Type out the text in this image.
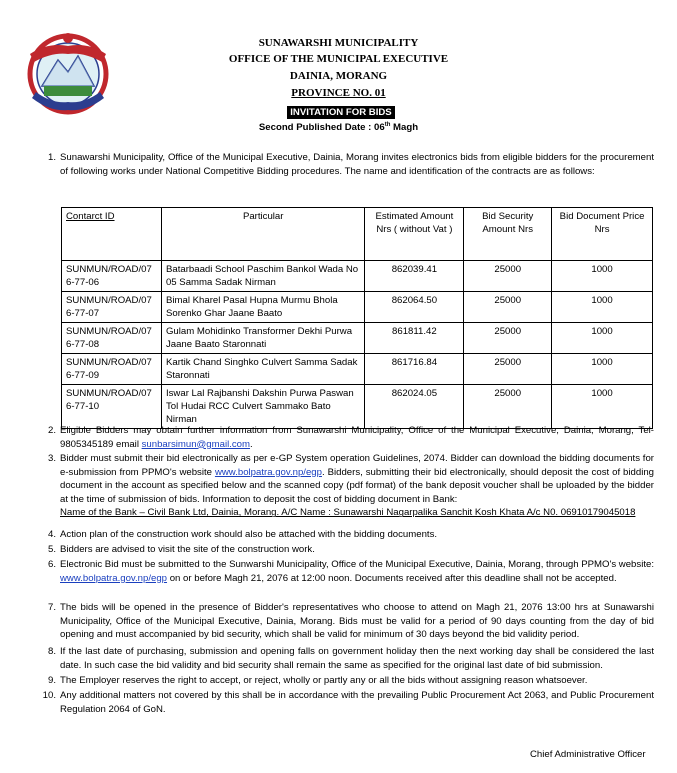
SUNAWARSHI MUNICIPALITY
OFFICE OF THE MUNICIPAL EXECUTIVE
DAINIA, MORANG
PROVINCE NO. 01
INVITATION FOR BIDS
Second Published Date : 06th Magh
1. Sunawarshi Municipality, Office of the Municipal Executive, Dainia, Morang invites electronics bids from eligible bidders for the procurement of following works under National Competitive Bidding procedures. The name and identification of the contracts are as follows:
Contarct ID	Particular	Estimated Amount Nrs ( without Vat )	Bid Security Amount Nrs	Bid Document Price Nrs
SUNMUN/ROAD/07 6-77-06	Batarbaadi School Paschim Bankol Wada No 05 Samma Sadak Nirman	862039.41	25000	1000
SUNMUN/ROAD/07 6-77-07	Bimal Kharel Pasal Hupna Murmu Bhola Sorenko Ghar Jaane Baato	862064.50	25000	1000
SUNMUN/ROAD/07 6-77-08	Gulam Mohidinko Transformer Dekhi Purwa Jaane Baato Staronnati	861811.42	25000	1000
SUNMUN/ROAD/07 6-77-09	Kartik Chand Singhko Culvert Samma Sadak Staronnati	861716.84	25000	1000
SUNMUN/ROAD/07 6-77-10	Iswar Lal Rajbanshi Dakshin Purwa Paswan Tol Hudai RCC Culvert Sammako Bato Nirman	862024.05	25000	1000
2. Eligible Bidders may obtain further information from Sunawarshi Municipality, Office of the Municipal Executive, Dainia, Morang, Tel- 9805345189 email sunbarsimun@gmail.com.
3. Bidder must submit their bid electronically as per e-GP System operation Guidelines, 2074. Bidder can download the bidding documents for e-submission from PPMO's website www.bolpatra.gov.np/egp. Bidders, submitting their bid electronically, should deposit the cost of bidding document in the account as specified below and the scanned copy (pdf format) of the bank deposit voucher shall be uploaded by the bidder at the time of submission of bids. Information to deposit the cost of bidding document in Bank:
Name of the Bank – Civil Bank Ltd, Dainia, Morang. A/C Name : Sunawarshi Nagarpalika Sanchit Kosh Khata A/c N0. 06910179045018
4. Action plan of the construction work should also be attached with the bidding documents.
5. Bidders are advised to visit the site of the construction work.
6. Electronic Bid must be submitted to the Sunwarshi Municipality, Office of the Municipal Executive, Dainia, Morang, through PPMO's website: www.bolpatra.gov.np/egp on or before Magh 21, 2076 at 12:00 noon. Documents received after this deadline shall not be accepted.
7. The bids will be opened in the presence of Bidder's representatives who choose to attend on Magh 21, 2076 13:00 hrs at Sunawarshi Municipality, Office of the Municipal Executive, Dainia, Morang. Bids must be valid for a period of 90 days counting from the day of bid opening and must accompanied by bid security, which shall be valid for minimum of 30 days beyond the bid validity period.
8. If the last date of purchasing, submission and opening falls on government holiday then the next working day shall be considered the last date. In such case the bid validity and bid security shall remain the same as specified for the original last date of bid submission.
9. The Employer reserves the right to accept, or reject, wholly or partly any or all the bids without assigning reason whatsoever.
10. Any additional matters not covered by this shall be in accordance with the prevailing Public Procurement Act 2063, and Public Procurement Regulation 2064 of GoN.
Chief Administrative Officer
